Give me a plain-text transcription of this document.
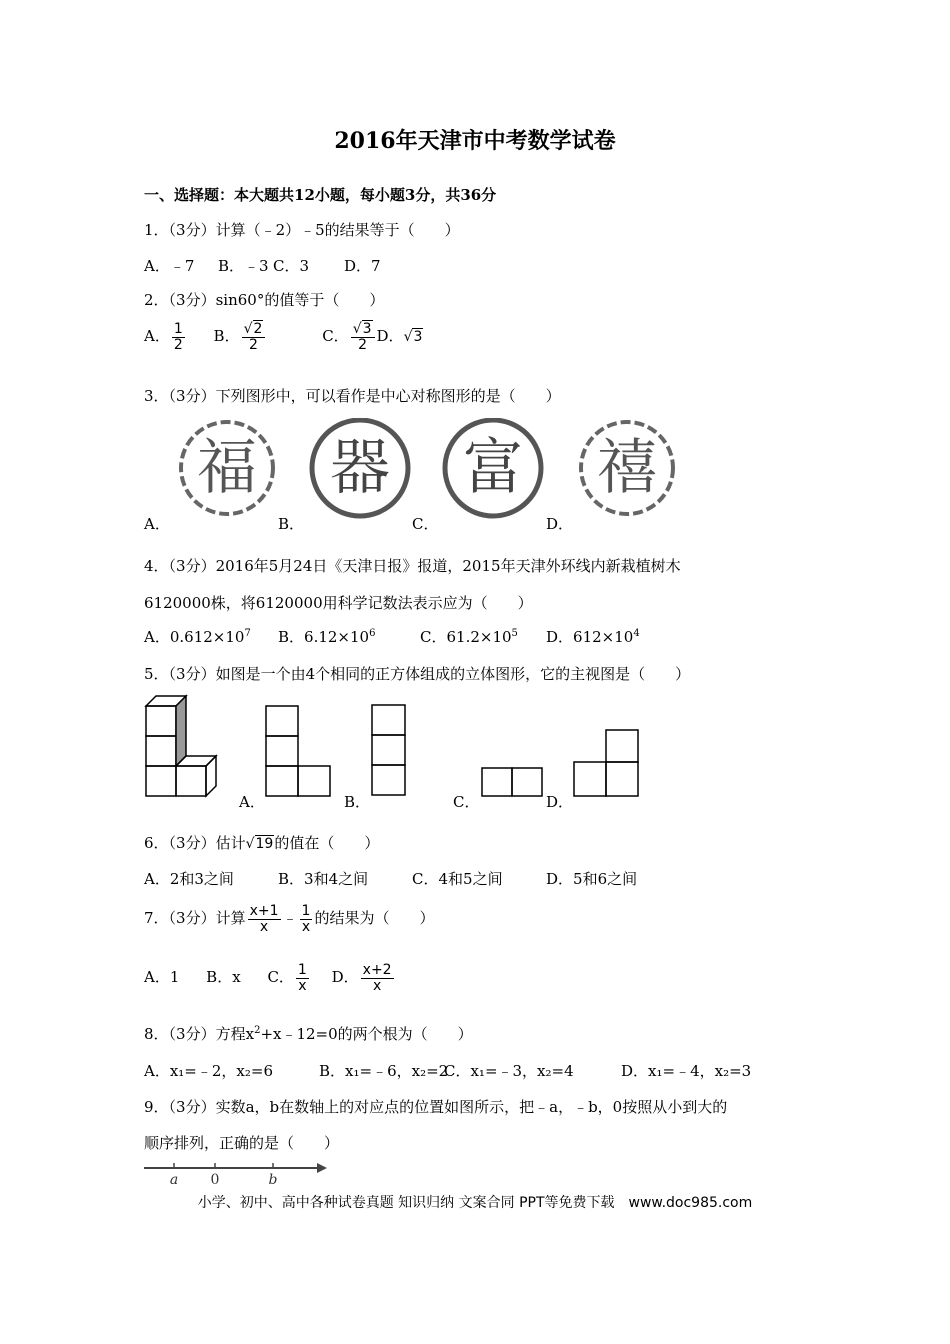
2016年天津市中考数学试卷
一、选择题：本大题共12小题，每小题3分，共36分
1．（3分）计算（﹣2）﹣5的结果等于（　　）
A．﹣7 B．﹣3 C．3 D．7
2．（3分）sin60°的值等于（　　）
A． $\frac{1}{2}$ B． $\frac{√2}{2}$	C． $\frac{√3}{2}$ D．√3
3．（3分）下列图形中，可以看作是中心对称图形的是（　　）
福 器 富 禧
A．	B．	C．	D．
4．（3分）2016年5月24日《天津日报》报道，2015年天津外环线内新栽植树木
6120000株，将6120000用科学记数法表示应为（　　）
A．$0.612\times 10^7$ B．$6.12\times 10^6$	C．$61.2\times 10^5$ D．$612\times 10^4$
5．（3分）如图是一个由4个相同的正方体组成的立体图形，它的主视图是（　　）
A．	B．	C．	D．
6．（3分）估计√19的值在（　　）
A．2和3之间	B．3和4之间	C．4和5之间	D．5和6之间
7．（3分）计算 $\frac{x+1}{x}$ ﹣ $\frac{1}{x}$ 的结果为（　　）
A．1 B．x C． $\frac{1}{x}$ D． $\frac{x+2}{x}$
8．（3分）方程$x^2+x﹣12=0$的两个根为（　　）
A．x₁=﹣2，x₂=6	B．x₁=﹣6，x₂=2
C．x₁=﹣3，x₂=4	D．x₁=﹣4，x₂=3
9．（3分）实数a，b在数轴上的对应点的位置如图所示，把﹣a，﹣b，0按照从小到大的
顺序排列，正确的是（　　）
a 0	b
小学、初中、高中各种试卷真题 知识归纳 文案合同 PPT等免费下载　www.doc985.com
